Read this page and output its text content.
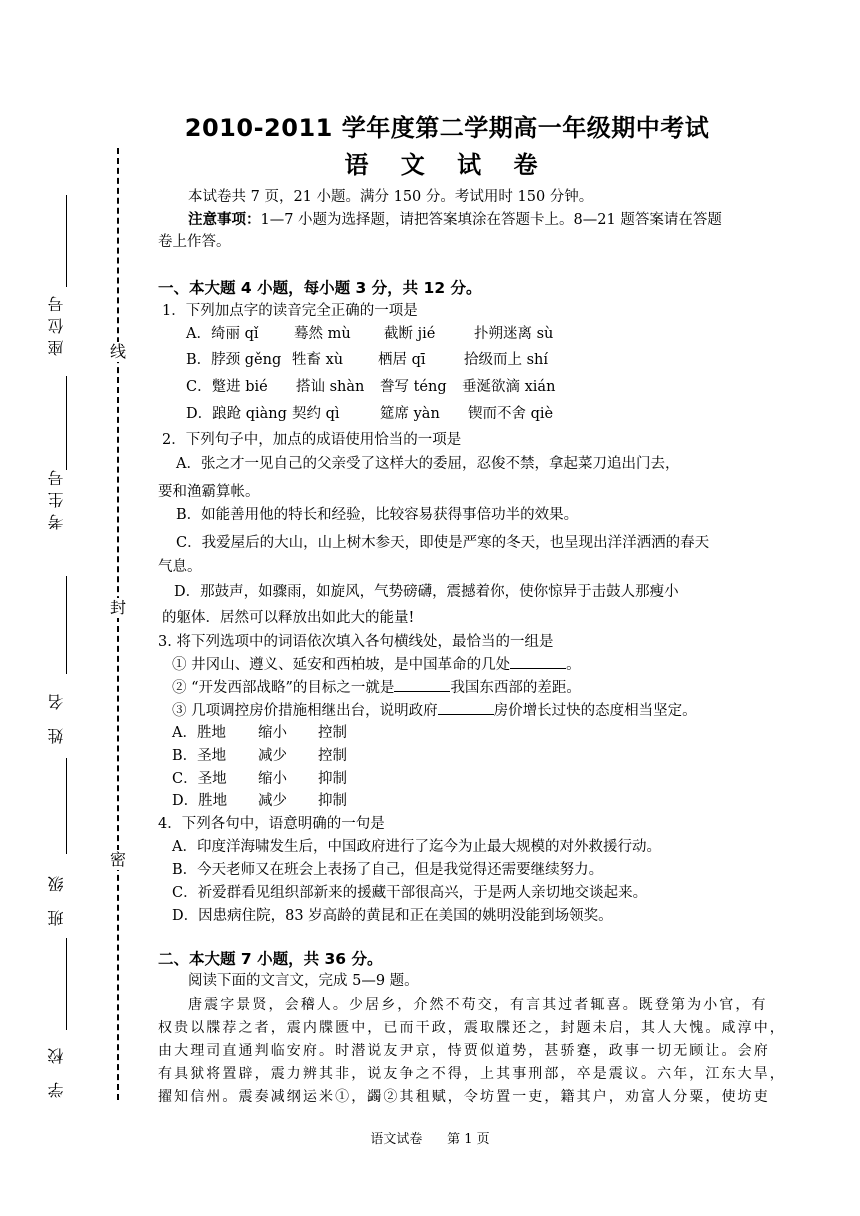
线
封
密
座位号
考生号
姓名
班级
学校
2010-2011 学年度第二学期高一年级期中考试
语 文 试 卷
本试卷共 7 页，21 小题。满分 150 分。考试用时 150 分钟。
注意事项：1—7 小题为选择题，请把答案填涂在答题卡上。8—21 题答案请在答题
卷上作答。
一、本大题 4 小题，每小题 3 分，共 12 分。
1．下列加点字的读音完全正确的一项是
A．绮丽 qǐ 蓦然 mù 截断 jié	扑朔迷离 sù
B．脖颈 gěng 牲畜 xù 栖居 qī	拾级而上 shí
C．蹩进 bié 搭讪 shàn 誊写 téng 垂涎欲滴 xián
D．踉跄 qiàng 契约 qì	筵席 yàn 锲而不舍 qiè
2．下列句子中，加点的成语使用恰当的一项是
A．张之才一见自己的父亲受了这样大的委屈，忍俊不禁，拿起菜刀追出门去，
要和渔霸算帐。
B．如能善用他的特长和经验，比较容易获得事倍功半的效果。
C．我爱屋后的大山，山上树木参天，即使是严寒的冬天，也呈现出洋洋洒洒的春天
气息。
D．那鼓声，如骤雨，如旋风，气势磅礴，震撼着你，使你惊异于击鼓人那瘦小
的躯体．居然可以释放出如此大的能量!
3. 将下列选项中的词语依次填入各句横线处，最恰当的一组是
① 井冈山、遵义、延安和西柏坡，是中国革命的几处	。
② “开发西部战略”的目标之一就是	我国东西部的差距。
③ 几项调控房价措施相继出台，说明政府	房价增长过快的态度相当坚定。
A．胜地 缩小 控制
B．圣地 减少 控制
C．圣地 缩小 抑制
D．胜地 减少 抑制
4．下列各句中，语意明确的一句是
A．印度洋海啸发生后，中国政府进行了迄今为止最大规模的对外救援行动。
B．今天老师又在班会上表扬了自己，但是我觉得还需要继续努力。
C．祈爱群看见组织部新来的援藏干部很高兴，于是两人亲切地交谈起来。
D．因患病住院，83 岁高龄的黄昆和正在美国的姚明没能到场领奖。
二、本大题 7 小题，共 36 分。
阅读下面的文言文，完成 5—9 题。
唐震字景贤，会稽人。少居乡，介然不苟交，有言其过者辄喜。既登第为小官，有
权贵以牒荐之者，震内牒匮中，已而干政，震取牒还之，封题未启，其人大愧。咸淳中，
由大理司直通判临安府。时潜说友尹京，恃贾似道势，甚骄蹇，政事一切无顾让。会府
有具狱将置辟，震力辨其非，说友争之不得，上其事刑部，卒是震议。六年，江东大旱，
擢知信州。震奏减纲运米①，蠲②其租赋，令坊置一吏，籍其户，劝富人分粟，使坊吏
语文试卷 第 1 页
